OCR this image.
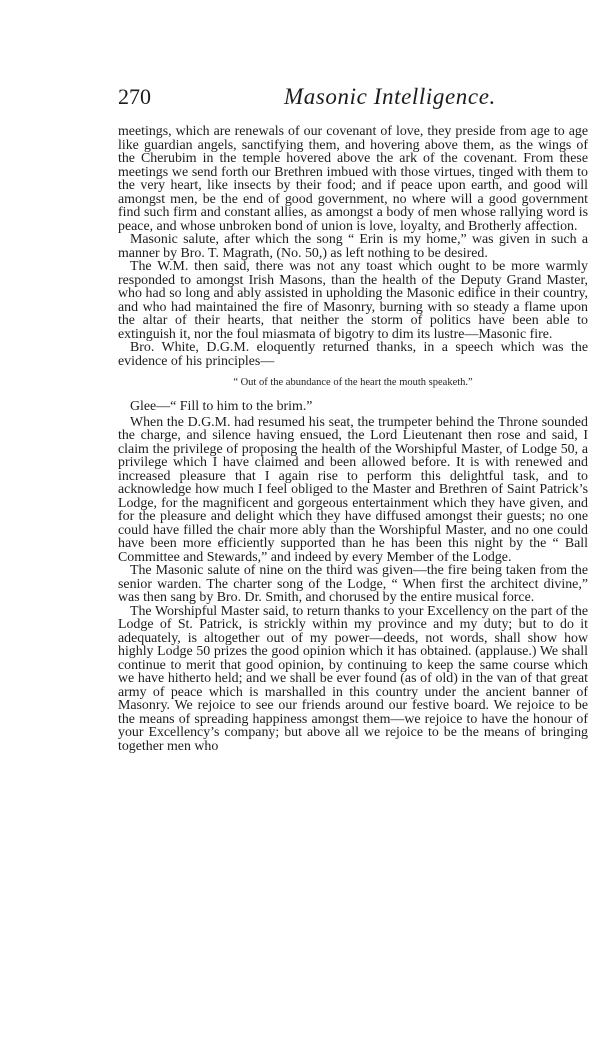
270	Masonic Intelligence.

meetings, which are renewals of our covenant of love, they preside from age to age like guardian angels, sanctifying them, and hovering above them, as the wings of the Cherubim in the temple hovered above the ark of the covenant. From these meetings we send forth our Brethren imbued with those virtues, tinged with them to the very heart, like insects by their food; and if peace upon earth, and good will amongst men, be the end of good government, no where will a good government find such firm and constant allies, as amongst a body of men whose rallying word is peace, and whose unbroken bond of union is love, loyalty, and Brotherly affection.

Masonic salute, after which the song “ Erin is my home,” was given in such a manner by Bro. T. Magrath, (No. 50,) as left nothing to be desired.

The W.M. then said, there was not any toast which ought to be more warmly responded to amongst Irish Masons, than the health of the Deputy Grand Master, who had so long and ably assisted in upholding the Masonic edifice in their country, and who had maintained the fire of Masonry, burning with so steady a flame upon the altar of their hearts, that neither the storm of politics have been able to extinguish it, nor the foul miasmata of bigotry to dim its lustre—Masonic fire.

Bro. White, D.G.M. eloquently returned thanks, in a speech which was the evidence of his principles—

“ Out of the abundance of the heart the mouth speaketh.”

Glee—“ Fill to him to the brim.”

When the D.G.M. had resumed his seat, the trumpeter behind the Throne sounded the charge, and silence having ensued, the Lord Lieutenant then rose and said, I claim the privilege of proposing the health of the Worshipful Master, of Lodge 50, a privilege which I have claimed and been allowed before. It is with renewed and increased pleasure that I again rise to perform this delightful task, and to acknowledge how much I feel obliged to the Master and Brethren of Saint Patrick’s Lodge, for the magnificent and gorgeous entertainment which they have given, and for the pleasure and delight which they have diffused amongst their guests; no one could have filled the chair more ably than the Worshipful Master, and no one could have been more efficiently supported than he has been this night by the “ Ball Committee and Stewards,” and indeed by every Member of the Lodge.

The Masonic salute of nine on the third was given—the fire being taken from the senior warden. The charter song of the Lodge, “ When first the architect divine,” was then sang by Bro. Dr. Smith, and chorused by the entire musical force.

The Worshipful Master said, to return thanks to your Excellency on the part of the Lodge of St. Patrick, is strickly within my province and my duty; but to do it adequately, is altogether out of my power—deeds, not words, shall show how highly Lodge 50 prizes the good opinion which it has obtained. (applause.) We shall continue to merit that good opinion, by continuing to keep the same course which we have hitherto held; and we shall be ever found (as of old) in the van of that great army of peace which is marshalled in this country under the ancient banner of Masonry. We rejoice to see our friends around our festive board. We rejoice to be the means of spreading happiness amongst them—we rejoice to have the honour of your Excellency’s company; but above all we rejoice to be the means of bringing together men who
